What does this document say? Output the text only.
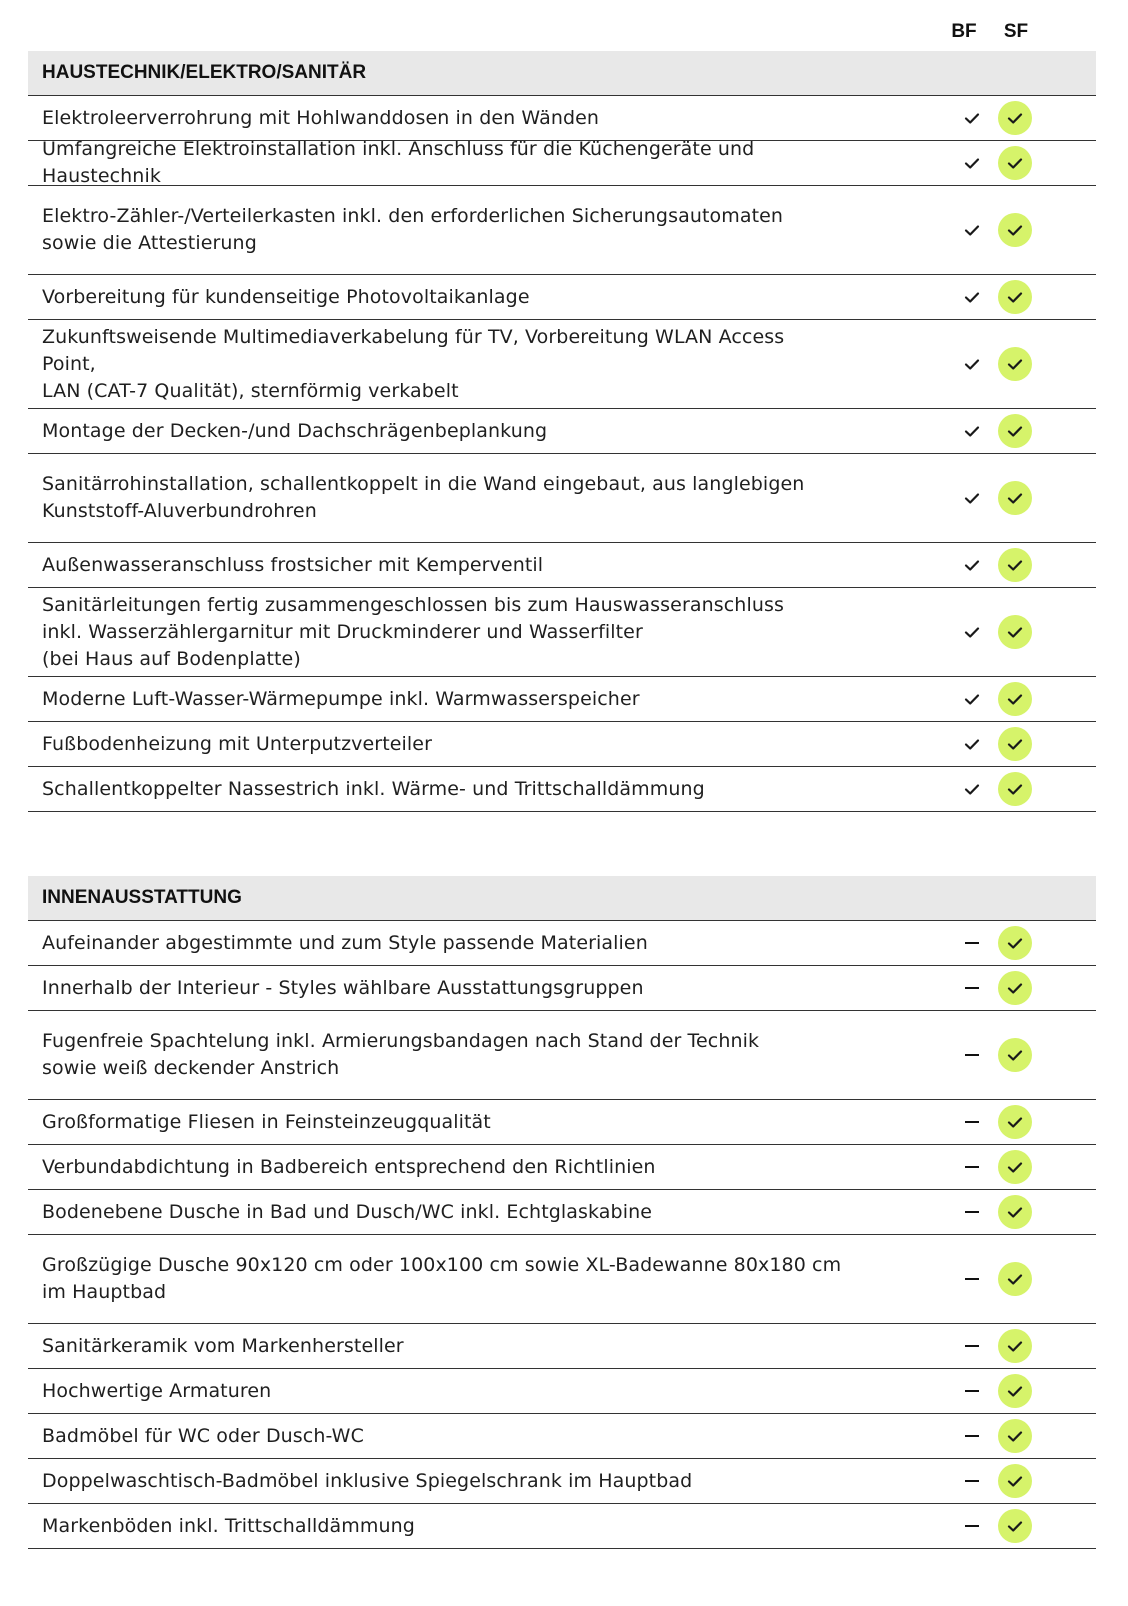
BF	SF
HAUSTECHNIK/ELEKTRO/SANITÄR
Elektroleerverrohrung mit Hohlwanddosen in den Wänden
Umfangreiche Elektroinstallation inkl. Anschluss für die Küchengeräte und Haustechnik
Elektro-Zähler-/Verteilerkasten inkl. den erforderlichen Sicherungsautomaten
sowie die Attestierung
Vorbereitung für kundenseitige Photovoltaikanlage
Zukunftsweisende Multimediaverkabelung für TV, Vorbereitung WLAN Access Point,
LAN (CAT-7 Qualität), sternförmig verkabelt
Montage der Decken-/und Dachschrägenbeplankung
Sanitärrohinstallation, schallentkoppelt in die Wand eingebaut, aus langlebigen
Kunststoff-Aluverbundrohren
Außenwasseranschluss frostsicher mit Kemperventil
Sanitärleitungen fertig zusammengeschlossen bis zum Hauswasseranschluss
inkl. Wasserzählergarnitur mit Druckminderer und Wasserfilter
(bei Haus auf Bodenplatte)
Moderne Luft-Wasser-Wärmepumpe inkl. Warmwasserspeicher
Fußbodenheizung mit Unterputzverteiler
Schallentkoppelter Nassestrich inkl. Wärme- und Trittschalldämmung
INNENAUSSTATTUNG
Aufeinander abgestimmte und zum Style passende Materialien
Innerhalb der Interieur - Styles wählbare Ausstattungsgruppen
Fugenfreie Spachtelung inkl. Armierungsbandagen nach Stand der Technik
sowie weiß deckender Anstrich
Großformatige Fliesen in Feinsteinzeugqualität
Verbundabdichtung in Badbereich entsprechend den Richtlinien
Bodenebene Dusche in Bad und Dusch/WC inkl. Echtglaskabine
Großzügige Dusche 90x120 cm oder 100x100 cm sowie XL-Badewanne 80x180 cm
im Hauptbad
Sanitärkeramik vom Markenhersteller
Hochwertige Armaturen
Badmöbel für WC oder Dusch-WC
Doppelwaschtisch-Badmöbel inklusive Spiegelschrank im Hauptbad
Markenböden inkl. Trittschalldämmung
